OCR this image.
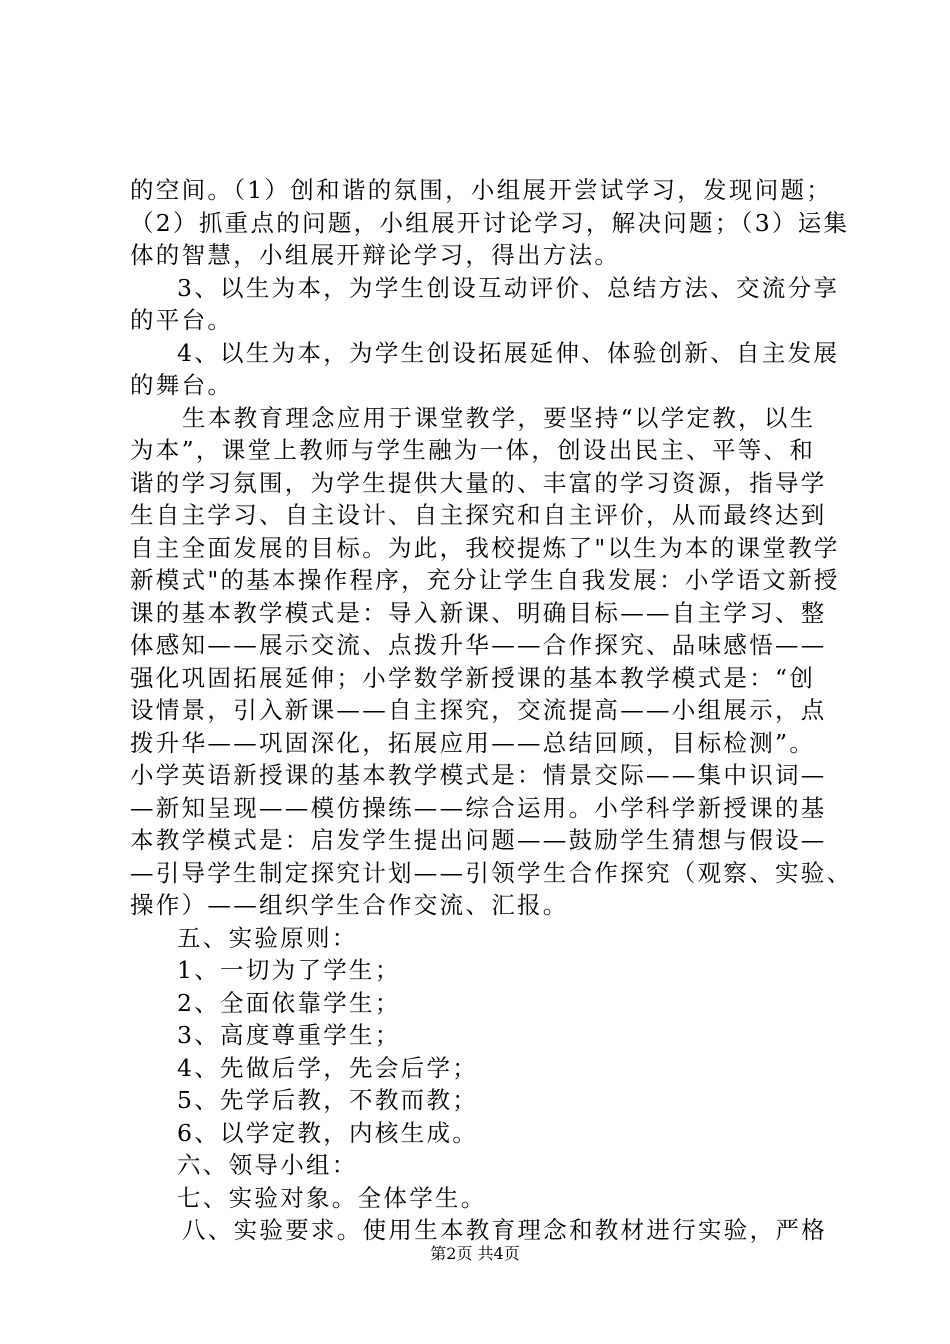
的空间。（1）创和谐的氛围，小组展开尝试学习，发现问题；
（2）抓重点的问题，小组展开讨论学习，解决问题；（3）运集
体的智慧，小组展开辩论学习，得出方法。
3、以生为本，为学生创设互动评价、总结方法、交流分享
的平台。
4、以生为本，为学生创设拓展延伸、体验创新、自主发展
的舞台。
生本教育理念应用于课堂教学，要坚持“以学定教，以生
为本”，课堂上教师与学生融为一体，创设出民主、平等、和
谐的学习氛围，为学生提供大量的、丰富的学习资源，指导学
生自主学习、自主设计、自主探究和自主评价，从而最终达到
自主全面发展的目标。为此，我校提炼了"以生为本的课堂教学
新模式"的基本操作程序，充分让学生自我发展：小学语文新授
课的基本教学模式是：导入新课、明确目标——自主学习、整
体感知——展示交流、点拨升华——合作探究、品味感悟——
强化巩固拓展延伸；小学数学新授课的基本教学模式是：“创
设情景，引入新课——自主探究，交流提高——小组展示，点
拨升华——巩固深化，拓展应用——总结回顾，目标检测”。
小学英语新授课的基本教学模式是：情景交际——集中识词—
—新知呈现——模仿操练——综合运用。小学科学新授课的基
本教学模式是：启发学生提出问题——鼓励学生猜想与假设—
—引导学生制定探究计划——引领学生合作探究（观察、实验、
操作）——组织学生合作交流、汇报。
五、实验原则：
1、一切为了学生；
2、全面依靠学生；
3、高度尊重学生；
4、先做后学，先会后学；
5、先学后教，不教而教；
6、以学定教，内核生成。
六、领导小组：
七、实验对象。全体学生。
八、实验要求。使用生本教育理念和教材进行实验，严格
第2页 共4页
